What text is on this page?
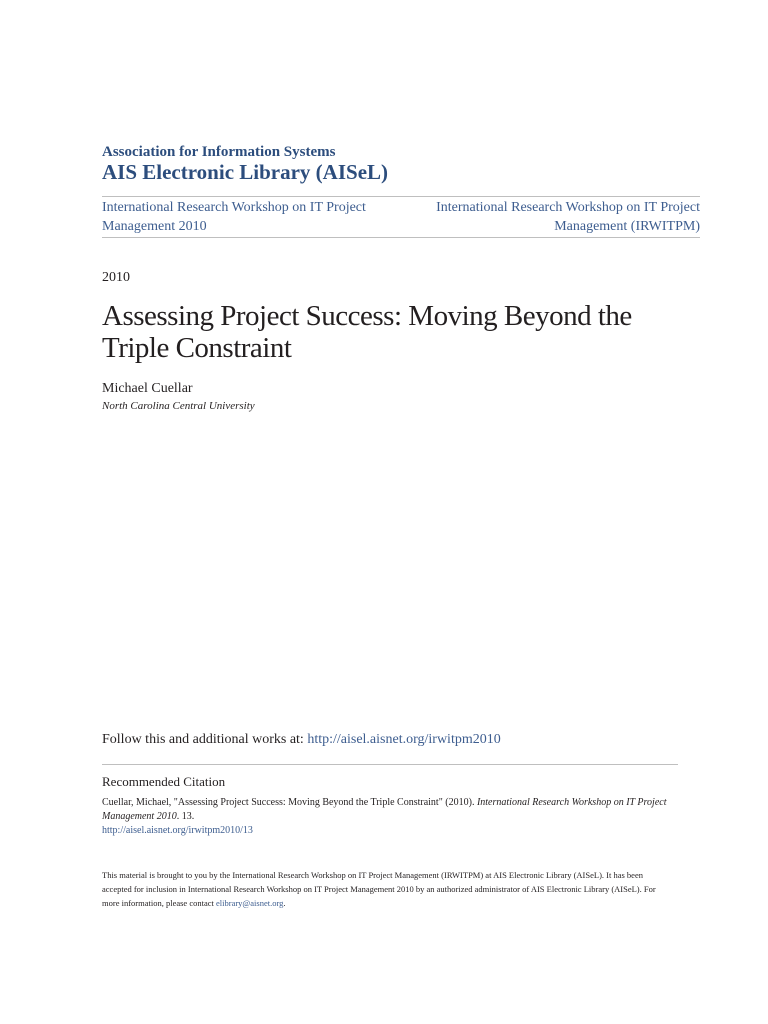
Association for Information Systems
AIS Electronic Library (AISeL)
International Research Workshop on IT Project
Management 2010
International Research Workshop on IT Project
Management (IRWITPM)
2010
Assessing Project Success: Moving Beyond the
Triple Constraint
Michael Cuellar
North Carolina Central University
Follow this and additional works at: http://aisel.aisnet.org/irwitpm2010
Recommended Citation
Cuellar, Michael, "Assessing Project Success: Moving Beyond the Triple Constraint" (2010). International Research Workshop on IT Project Management 2010. 13.
http://aisel.aisnet.org/irwitpm2010/13
This material is brought to you by the International Research Workshop on IT Project Management (IRWITPM) at AIS Electronic Library (AISeL). It has been accepted for inclusion in International Research Workshop on IT Project Management 2010 by an authorized administrator of AIS Electronic Library (AISeL). For more information, please contact elibrary@aisnet.org.
